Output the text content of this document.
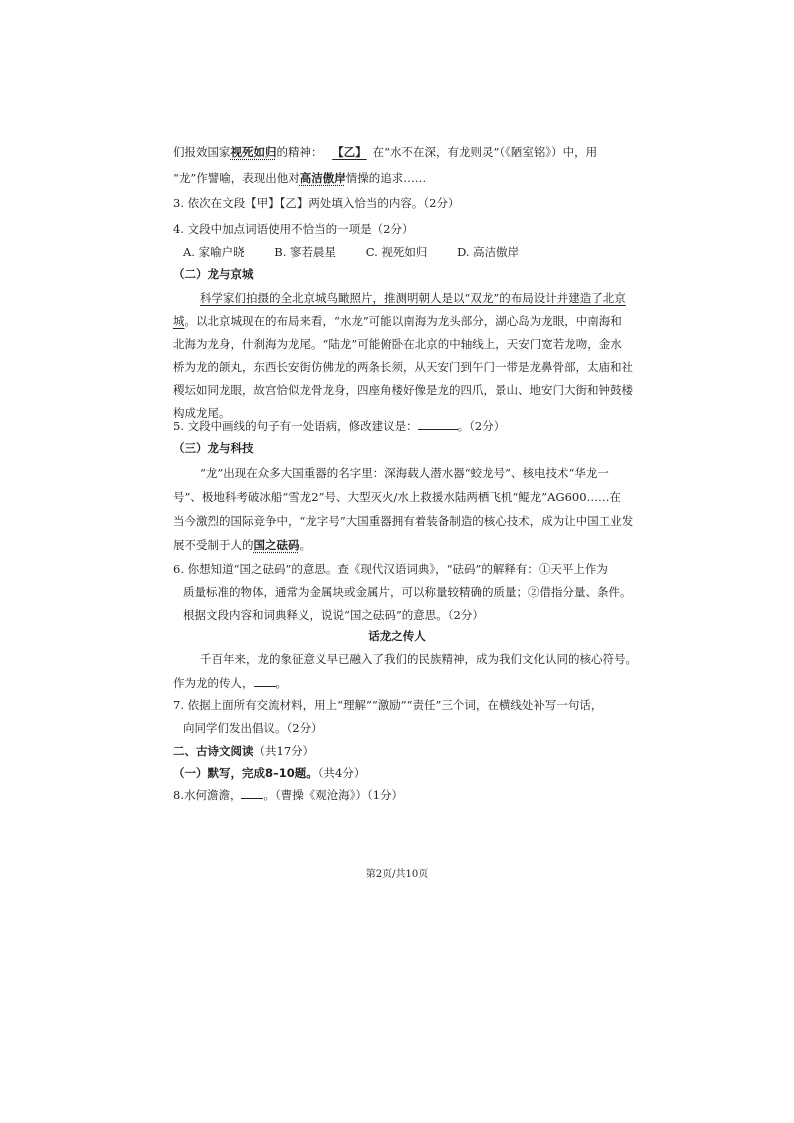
们报效国家视死如归的精神： 【乙】 在“水不在深，有龙则灵”（《陋室铭》）中，用
“龙”作譬喻，表现出他对高洁傲岸情操的追求……
3. 依次在文段【甲】【乙】两处填入恰当的内容。（2分）
4. 文段中加点词语使用不恰当的一项是（2分）
A. 家喻户晓	B. 寥若晨星	C. 视死如归	D. 高洁傲岸
（二）龙与京城
科学家们拍摄的全北京城鸟瞰照片，推测明朝人是以“双龙”的布局设计并建造了北京
城。以北京城现在的布局来看，“水龙”可能以南海为龙头部分，湖心岛为龙眼，中南海和
北海为龙身，什刹海为龙尾。“陆龙”可能俯卧在北京的中轴线上，天安门宽若龙吻，金水
桥为龙的颌丸，东西长安街仿佛龙的两条长须，从天安门到午门一带是龙鼻骨部，太庙和社
稷坛如同龙眼，故宫恰似龙骨龙身，四座角楼好像是龙的四爪，景山、地安门大街和钟鼓楼
构成龙尾。
5. 文段中画线的句子有一处语病，修改建议是：	。（2分）
（三）龙与科技
“龙”出现在众多大国重器的名字里：深海载人潜水器“蛟龙号”、核电技术“华龙一
号”、极地科考破冰船“雪龙2”号、大型灭火/水上救援水陆两栖飞机“鲲龙”AG600……在
当今激烈的国际竞争中，“龙字号”大国重器拥有着装备制造的核心技术，成为让中国工业发
展不受制于人的国之砝码。
6. 你想知道“国之砝码”的意思。查《现代汉语词典》，“砝码”的解释有：①天平上作为
质量标准的物体，通常为金属块或金属片，可以称量较精确的质量；②借指分量、条件。
根据文段内容和词典释义，说说“国之砝码”的意思。（2分）
话龙之传人
千百年来，龙的象征意义早已融入了我们的民族精神，成为我们文化认同的核心符号。
作为龙的传人， 。
7. 依据上面所有交流材料，用上“理解”“激励”“责任”三个词，在横线处补写一句话，
向同学们发出倡议。（2分）
二、古诗文阅读（共17分）
（一）默写，完成8–10题。（共4分）
8.水何澹澹， 。（曹操《观沧海》）（1分）
第2页/共10页
